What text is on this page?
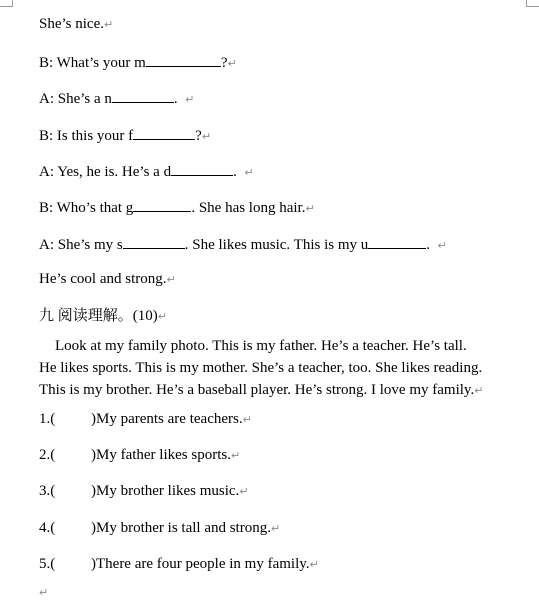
She’s nice.↵
B: What’s your m	?↵
A: She’s a n	.  ↵
B: Is this your f	?↵
A: Yes, he is. He’s a d	.  ↵
B: Who’s that g	. She has long hair.↵
A: She’s my s	. She likes music. This is my u	.  ↵
He’s cool and strong.↵
九 阅读理解。(10)↵
Look at my family photo. This is my father. He’s a teacher. He’s tall.
He likes sports. This is my mother. She’s a teacher, too. She likes reading.
This is my brother. He’s a baseball player. He’s strong. I love my family.↵
1.( )My parents are teachers.↵
2.( )My father likes sports.↵
3.( )My brother likes music.↵
4.( )My brother is tall and strong.↵
5.( )There are four people in my family.↵
↵
